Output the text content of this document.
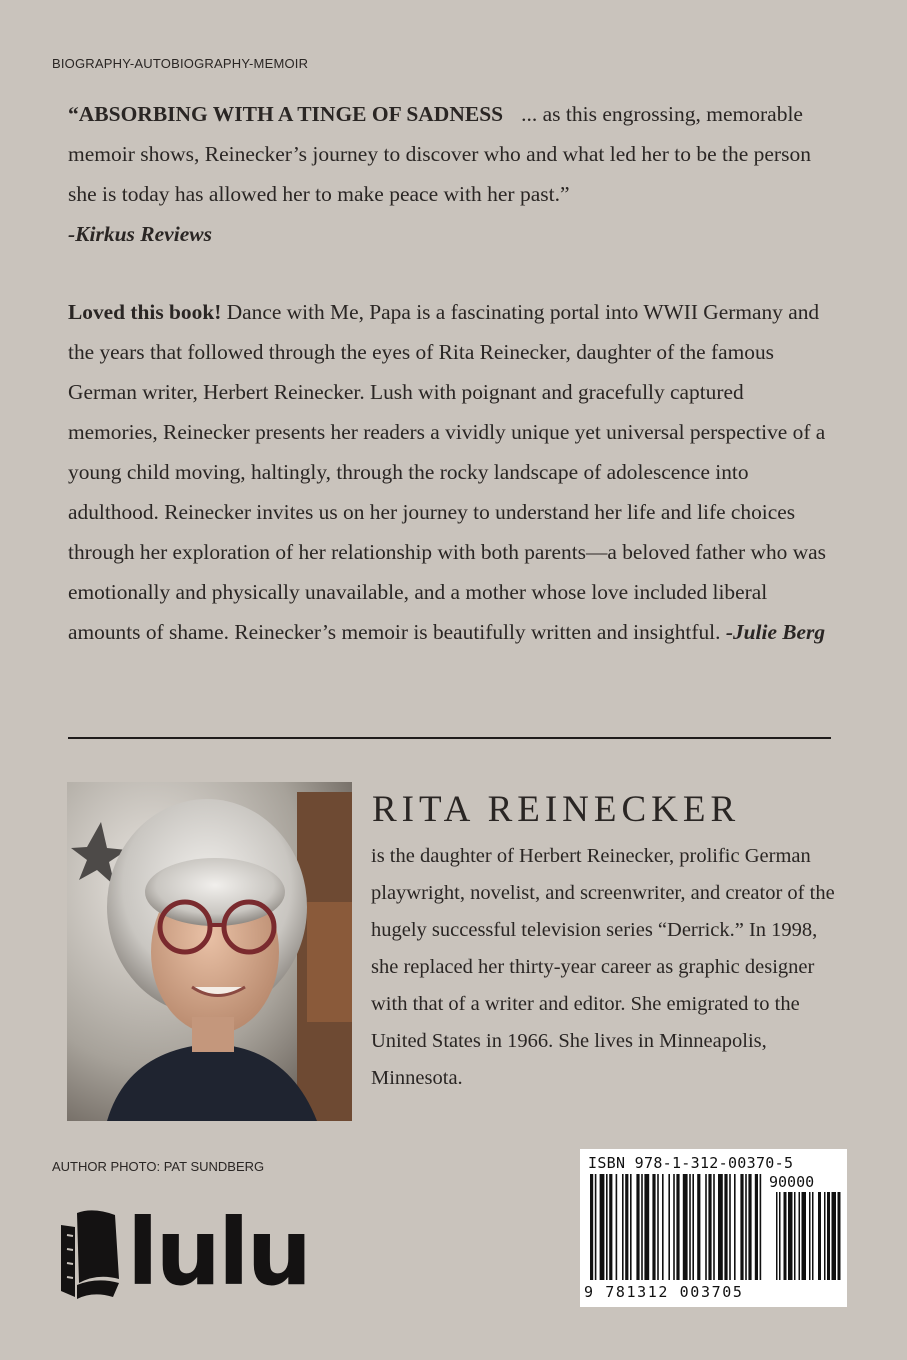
BIOGRAPHY-AUTOBIOGRAPHY-MEMOIR

“ABSORBING WITH A TINGE OF SADNESS ... as this engrossing, memorable memoir shows, Reinecker’s journey to discover who and what led her to be the person she is today has allowed her to make peace with her past.”
-Kirkus Reviews

Loved this book! Dance with Me, Papa is a fascinating portal into WWII Germany and the years that followed through the eyes of Rita Reinecker, daughter of the famous German writer, Herbert Reinecker. Lush with poignant and gracefully captured memories, Reinecker presents her readers a vividly unique yet universal perspective of a young child moving, haltingly, through the rocky landscape of adolescence into adulthood. Reinecker invites us on her journey to understand her life and life choices through her exploration of her relationship with both parents—a beloved father who was emotionally and physically unavailable, and a mother whose love included liberal amounts of shame. Reinecker’s memoir is beautifully written and insightful. -Julie Berg

RITA REINECKER

is the daughter of Herbert Reinecker, prolific German playwright, novelist, and screenwriter, and creator of the hugely successful television series “Derrick.” In 1998, she replaced her thirty-year career as graphic designer with that of a writer and editor. She emigrated to the United States in 1966. She lives in Minneapolis, Minnesota.

AUTHOR PHOTO: PAT SUNDBERG
lulu
ISBN 978-1-312-00370-5
90000
9 781312 003705
